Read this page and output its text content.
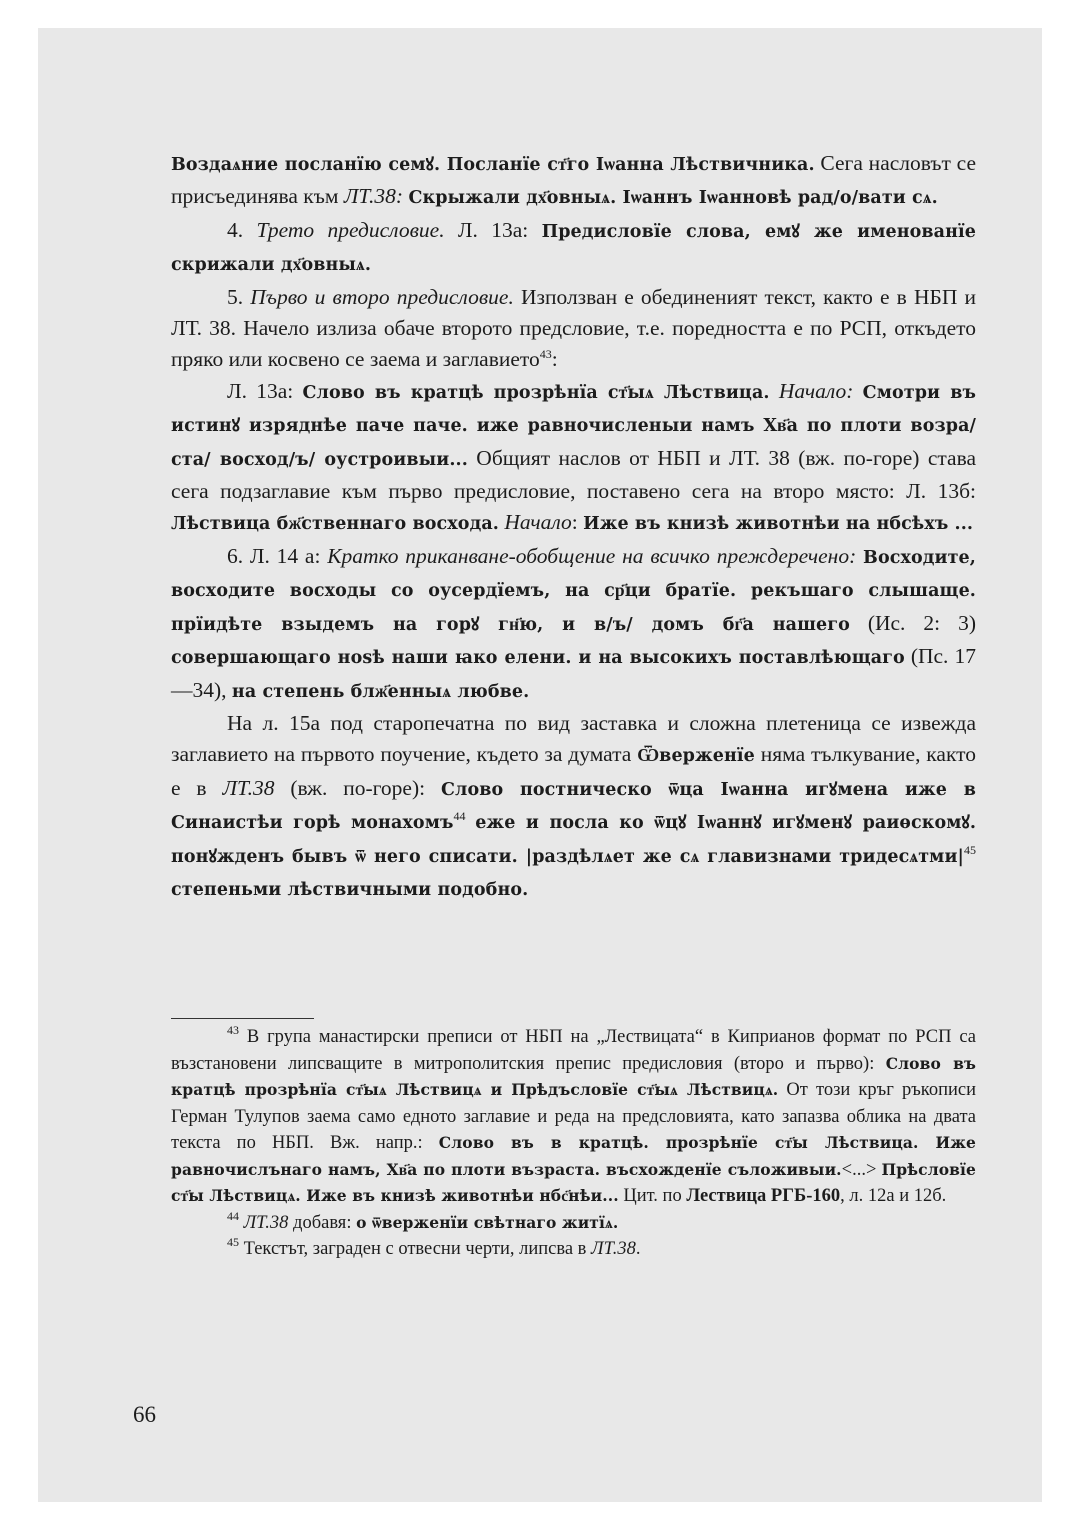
Воздаѧние посланїю семꙋ. Посланїе ст҃го Іѡанна Лѣствичника. Сега насловът се присъединява към ЛТ.38: Скрыжали дх҃овныѧ. Іѡаннъ Іѡанновѣ рад/о/вати сѧ.

4. Трето предисловие. Л. 13а: Предисловїе слова, емꙋ же именованїе скрижали дх҃овныѧ.

5. Първо и второ предисловие. Използван е обединеният текст, както е в НБП и ЛТ. 38. Начело излиза обаче второто предсловие, т.е. поредността е по РСП, откъдето пряко или косвено се заема и заглавието$^{43}$:

Л. 13а: Слово въ кратцѣ прозрѣнїа ст҃ыѧ Лѣствица. Начало: Смотри въ истинꙋ изряднѣе паче паче. иже равночисленыи намъ Хв҃а по плоти возра/ ста/ восход/ъ/ оустроивыи... Общият наслов от НБП и ЛТ. 38 (вж. по-горе) става сега подзаглавие към първо предисловие, поставено сега на второ място: Л. 13б: Лѣствица бж҃ственнаго восхода. Начало: Иже въ книзѣ животнѣи на нбсѣхъ ...

6. Л. 14 а: Кратко приканване-обобщение на всичко преждеречено: Восходите, восходите восходы со оусердїемъ, на ср҃ци братїе. рекъшаго слышаще. прїидѣте взыдемъ на горꙋ гн҃ю, и в/ъ/ домъ бг҃а нашего (Ис. 2: 3) совершающаго ноѕѣ наши ꙗко елени. и на высокихъ поставлѣющаго (Пс. 17—34), на степень блж҃енныѧ любве.

На л. 15а под старопечатна по вид заставка и сложна плетеница се извежда заглавието на първото поучение, където за думата Ѿверженїе няма тълкувание, както е в ЛТ.38 (вж. по-горе): Слово постническо ѿца Іѡанна игꙋмена иже в Синаистѣи горѣ монахомъ$^{44}$ еже и посла ко ѿцꙋ Іѡаннꙋ игꙋменꙋ раиѳскомꙋ. понꙋжденъ бывъ ѿ него списати. |раздѣлѧет же сѧ главизнами $тридесѧтми|^{45}$ степеньми лѣствичными подобно.

$^{43}$ В група манастирски преписи от НБП на „Лествицата“ в Киприанов формат по РСП са възстановени липсващите в митрополитския препис предисловия (второ и първо): Слово въ кратцѣ прозрѣнїа ст҃ыѧ Лѣствицѧ и Прѣдъсловїе ст҃ыѧ Лѣствицѧ. От този кръг ръкописи Герман Тулупов заема само едното заглавие и реда на предсловията, като запазва облика на двата текста по НБП. Вж. напр.: Слово въ в кратцѣ. прозрѣнїе ст҃ы Лѣствица. Иже равночислънаго намъ, Хв҃а по плоти възраста. въсхожденїе съложивыи.<...> Прѣсловїе ст҃ы Лѣствицѧ. Иже въ книзѣ животнѣи нбс҃нѣи... Цит. по Лествица РГБ-160, л. 12а и 12б.

$^{44}$ ЛТ.38 добавя: о ѿверженїи свѣтнаго житїѧ.

$^{45}$ Текстът, заграден с отвесни черти, липсва в ЛТ.38.

66
